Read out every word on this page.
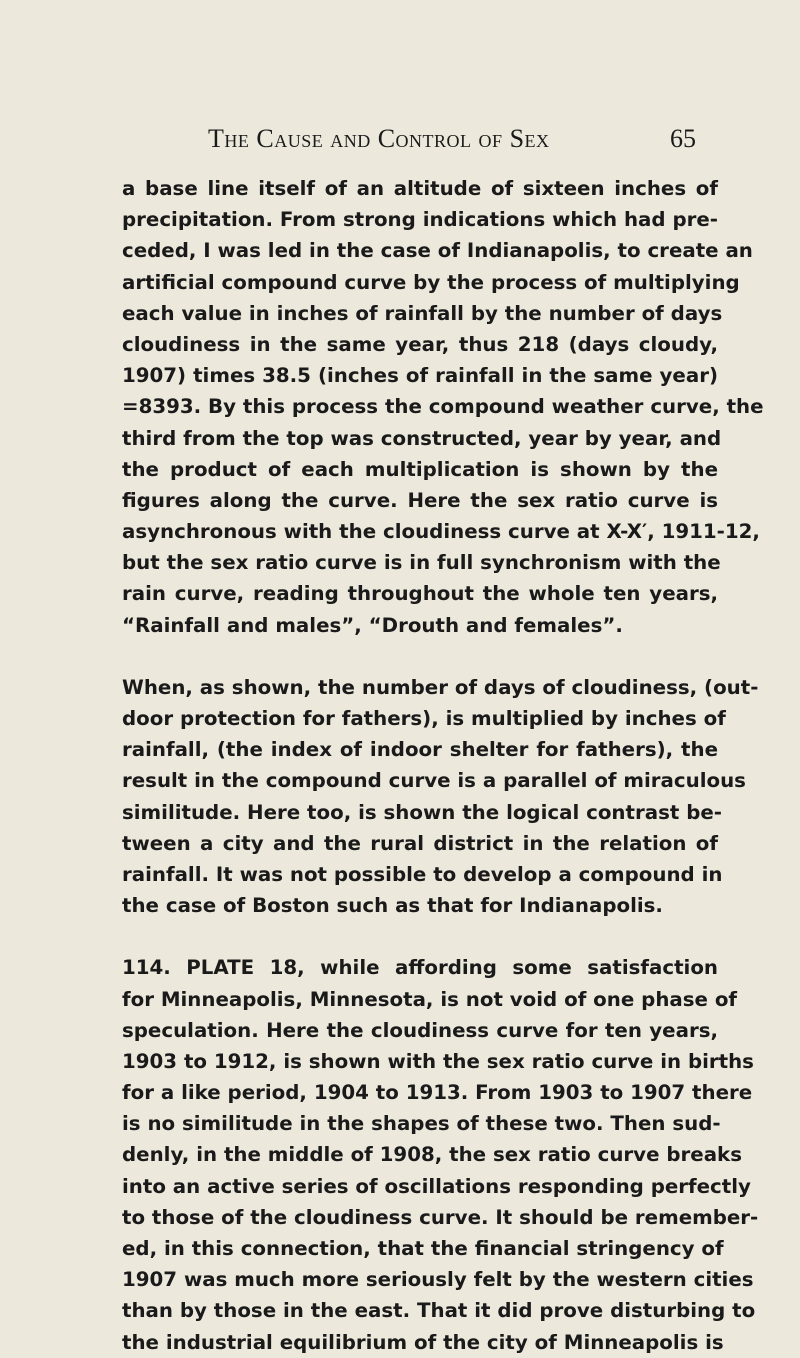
The Cause and Control of Sex	65
a base line itself of an altitude of sixteen inches of
precipitation. From strong indications which had pre-
ceded, I was led in the case of Indianapolis, to create an
artificial compound curve by the process of multiplying
each value in inches of rainfall by the number of days
cloudiness in the same year, thus 218 (days cloudy,
1907) times 38.5 (inches of rainfall in the same year)
=8393. By this process the compound weather curve, the
third from the top was constructed, year by year, and
the product of each multiplication is shown by the
figures along the curve. Here the sex ratio curve is
asynchronous with the cloudiness curve at X-X′, 1911-12,
but the sex ratio curve is in full synchronism with the
rain curve, reading throughout the whole ten years,
“Rainfall and males”, “Drouth and females”.
When, as shown, the number of days of cloudiness, (out-
door protection for fathers), is multiplied by inches of
rainfall, (the index of indoor shelter for fathers), the
result in the compound curve is a parallel of miraculous
similitude. Here too, is shown the logical contrast be-
tween a city and the rural district in the relation of
rainfall. It was not possible to develop a compound in
the case of Boston such as that for Indianapolis.
114. PLATE 18, while affording some satisfaction
for Minneapolis, Minnesota, is not void of one phase of
speculation. Here the cloudiness curve for ten years,
1903 to 1912, is shown with the sex ratio curve in births
for a like period, 1904 to 1913. From 1903 to 1907 there
is no similitude in the shapes of these two. Then sud-
denly, in the middle of 1908, the sex ratio curve breaks
into an active series of oscillations responding perfectly
to those of the cloudiness curve. It should be remember-
ed, in this connection, that the financial stringency of
1907 was much more seriously felt by the western cities
than by those in the east. That it did prove disturbing to
the industrial equilibrium of the city of Minneapolis is
